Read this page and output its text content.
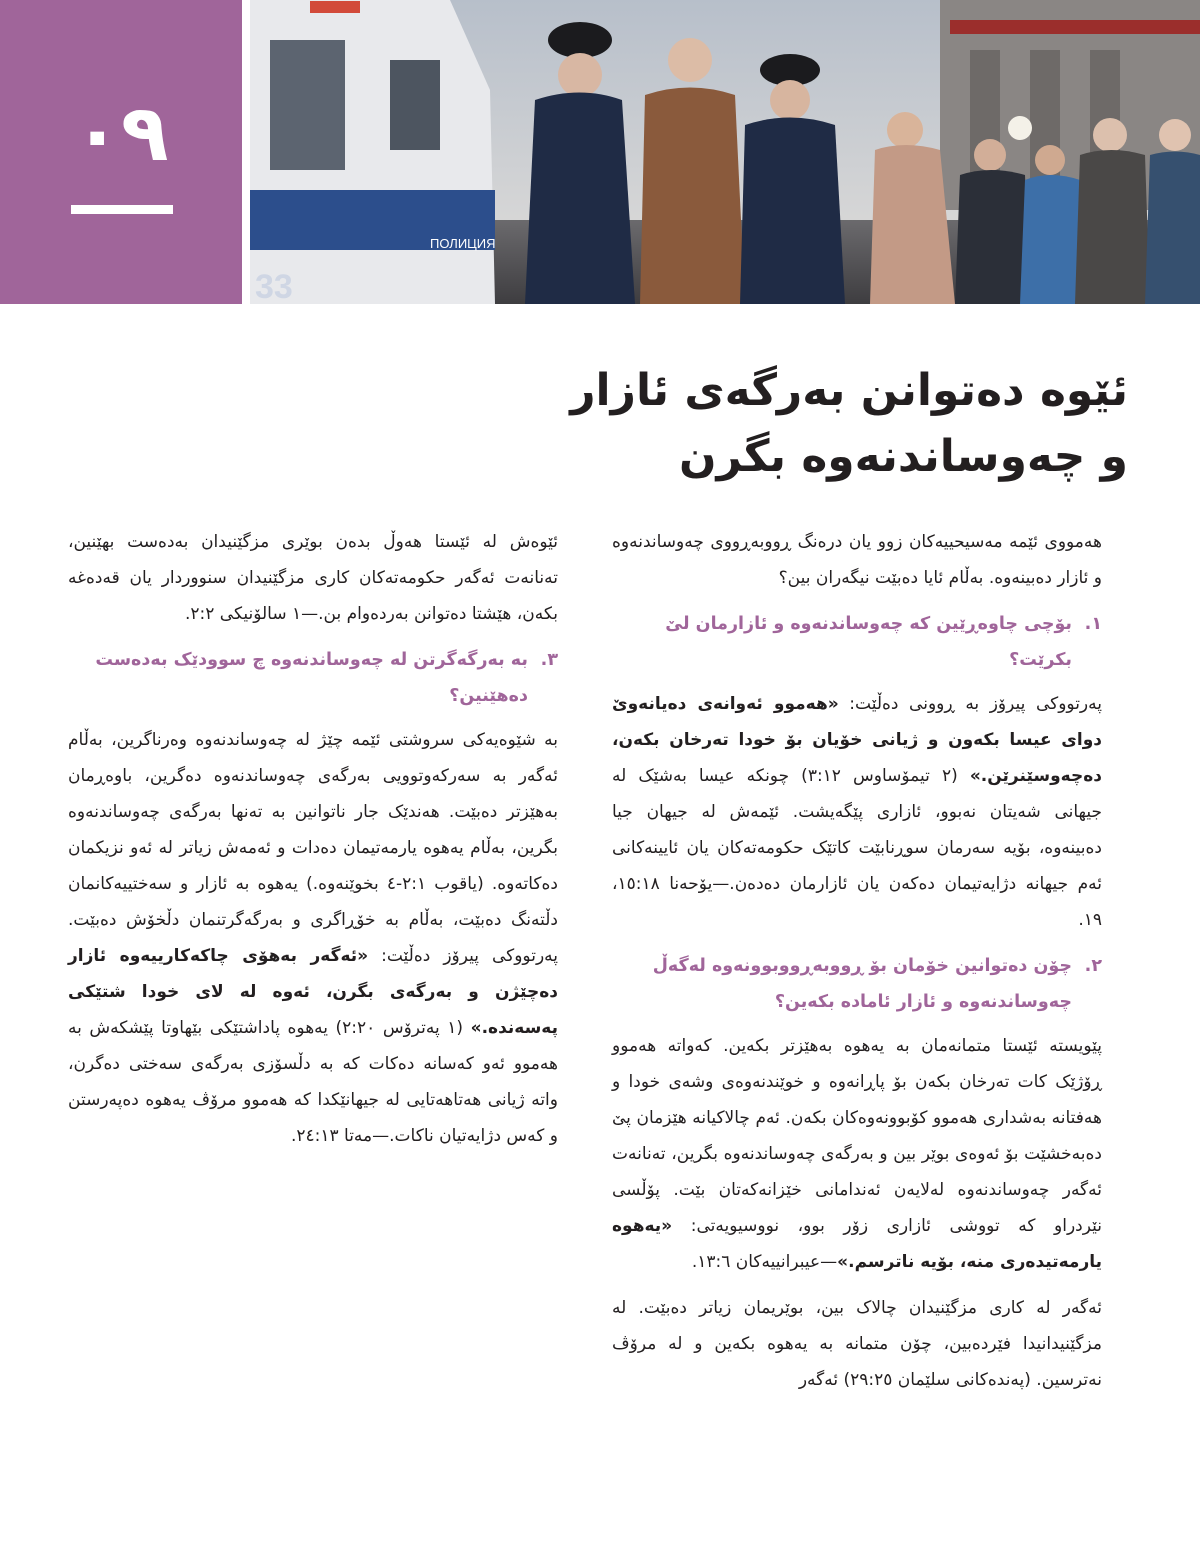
٠٩
ПОЛИЦИЯ
33
ئێوە دەتوانن بەرگەی ئازار
و چەوساندنەوە بگرن

هەمووی ئێمە مەسیحییەکان زوو یان درەنگ ڕووبەڕووی چەوساندنەوە و ئازار دەبینەوە. بەڵام ئایا دەبێت نیگەران بین؟

١.
بۆچی چاوەڕێین کە چەوساندنەوە و ئازارمان لێ بکرێت؟

پەرتووکی پیرۆز بە ڕوونی دەڵێت: «هەموو ئەوانەی دەیانەوێ دوای عیسا بکەون و ژیانی خۆیان بۆ خودا تەرخان بکەن، دەچەوسێنرێن.» (٢ تیمۆساوس ٣:١٢) چونکە عیسا بەشێک لە جیهانی شەیتان نەبوو، ئازاری پێگەیشت. ئێمەش لە جیهان جیا دەبینەوە، بۆیە سەرمان سوڕنابێت کاتێک حکومەتەکان یان ئایینەکانی ئەم جیهانە دژایەتیمان دەکەن یان ئازارمان دەدەن.—یۆحەنا ١٥:١٨، ١٩.

٢.
چۆن دەتوانین خۆمان بۆ ڕووبەڕووبوونەوە لەگەڵ چەوساندنەوە و ئازار ئامادە بکەین؟

پێویستە ئێستا متمانەمان بە یەهوە بەهێزتر بکەین. کەواتە هەموو ڕۆژێک کات تەرخان بکەن بۆ پاڕانەوە و خوێندنەوەی وشەی خودا و هەفتانە بەشداری هەموو کۆبوونەوەکان بکەن. ئەم چالاکیانە هێزمان پێ دەبەخشێت بۆ ئەوەی بوێر بین و بەرگەی چەوساندنەوە بگرین، تەنانەت ئەگەر چەوساندنەوە لەلایەن ئەندامانی خێزانەکەتان بێت. پۆڵسی نێردراو کە تووشی ئازاری زۆر بوو، نووسیویەتی: «یەهوە یارمەتیدەری منە، بۆیە ناترسم.»—عیبرانییەکان ١٣:٦.

ئەگەر لە کاری مزگێنیدان چالاک بین، بوێریمان زیاتر دەبێت. لە مزگێنیدانیدا فێردەبین، چۆن متمانە بە یەهوە بکەین و لە مرۆڤ نەترسین. (پەندەکانی سلێمان ٢٩:٢٥) ئەگەر

ئێوەش لە ئێستا هەوڵ بدەن بوێری مزگێنیدان بەدەست بهێنین، تەنانەت ئەگەر حکومەتەکان کاری مزگێنیدان سنووردار یان قەدەغە بکەن، هێشتا دەتوانن بەردەوام بن.—١ سالۆنیکی ٢:٢.

٣.
بە بەرگەگرتن لە چەوساندنەوە چ سوودێک بەدەست دەهێنین؟

بە شێوەیەکی سروشتی ئێمە چێژ لە چەوساندنەوە وەرناگرین، بەڵام ئەگەر بە سەرکەوتوویی بەرگەی چەوساندنەوە دەگرین، باوەڕمان بەهێزتر دەبێت. هەندێک جار ناتوانین بە تەنها بەرگەی چەوساندنەوە بگرین، بەڵام یەهوە یارمەتیمان دەدات و ئەمەش زیاتر لە ئەو نزیکمان دەکاتەوە. (یاقوب ٢:١-٤ بخوێنەوە.) یەهوە بە ئازار و سەختییەکانمان دڵتەنگ دەبێت، بەڵام بە خۆڕاگری و بەرگەگرتنمان دڵخۆش دەبێت. پەرتووکی پیرۆز دەڵێت: «ئەگەر بەهۆی چاکەکارییەوە ئازار دەچێژن و بەرگەی بگرن، ئەوە لە لای خودا شتێکی پەسەندە.» (١ پەترۆس ٢:٢٠) یەهوە پاداشتێکی بێهاوتا پێشکەش بە هەموو ئەو کەسانە دەکات کە بە دڵسۆزی بەرگەی سەختی دەگرن، واتە ژیانی هەتاهەتایی لە جیهانێکدا کە هەموو مرۆڤ یەهوە دەپەرستن و کەس دژایەتیان ناکات.—مەتا ٢٤:١٣.
